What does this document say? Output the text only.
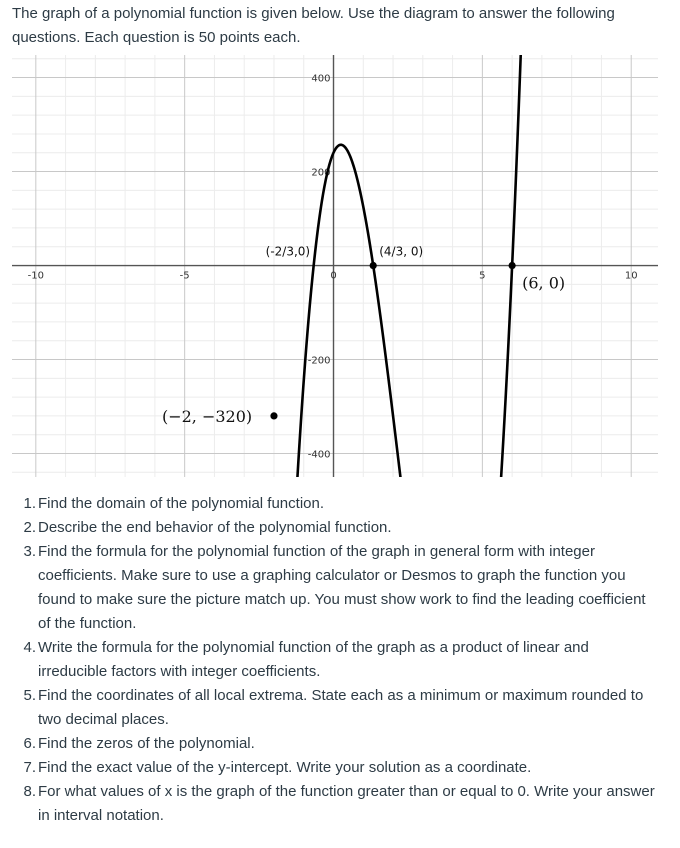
The graph of a polynomial function is given below. Use the diagram to answer the following questions. Each question is 50 points each.

-10	-5	0	5	10
400
200
-200
-400
(-2/3,0)	(4/3, 0)
(6, 0)
(−2, −320)
1. Find the domain of the polynomial function.
2. Describe the end behavior of the polynomial function.
3. Find the formula for the polynomial function of the graph in general form with integer coefficients. Make sure to use a graphing calculator or Desmos to graph the function you found to make sure the picture match up. You must show work to find the leading coefficient of the function.
4. Write the formula for the polynomial function of the graph as a product of linear and irreducible factors with integer coefficients.
5. Find the coordinates of all local extrema. State each as a minimum or maximum rounded to two decimal places.
6. Find the zeros of the polynomial.
7. Find the exact value of the y-intercept. Write your solution as a coordinate.
8. For what values of x is the graph of the function greater than or equal to 0. Write your answer in interval notation.
